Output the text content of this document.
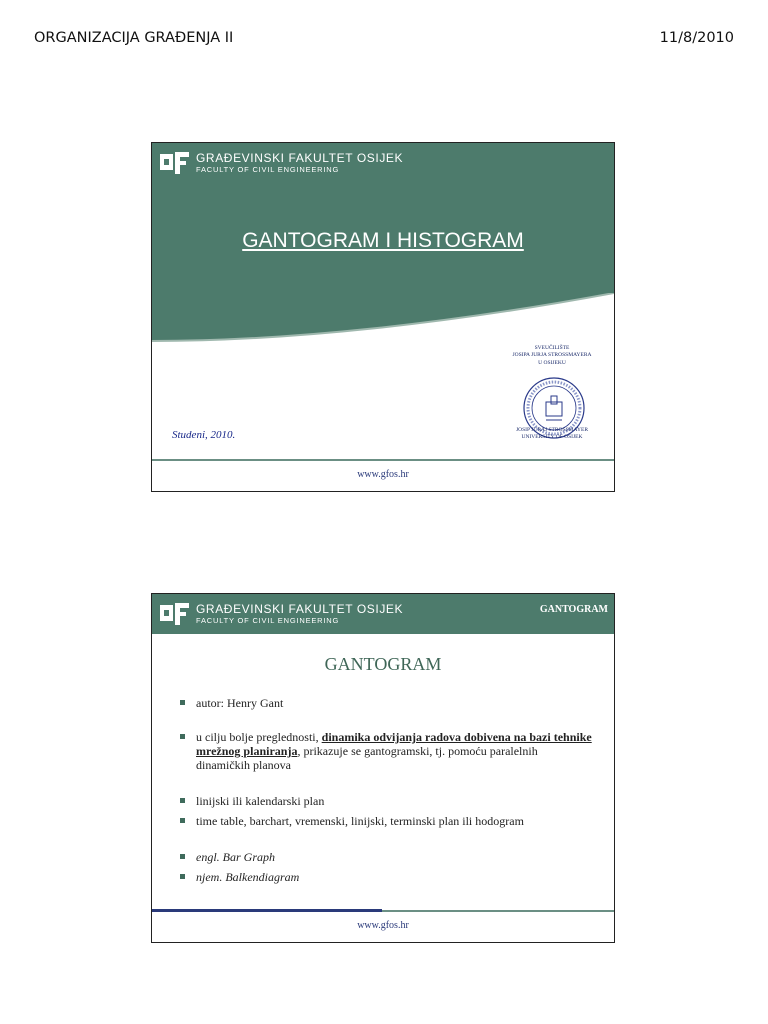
ORGANIZACIJA GRAĐENJA II	11/8/2010
GRAĐEVINSKI FAKULTET OSIJEK
FACULTY OF CIVIL ENGINEERING
GANTOGRAM I HISTOGRAM
SVEUČILIŠTE
JOSIPA JURJA STROSSMAYERA
U OSIJEKU
JOSIP JURAJ STROSSMAYER
UNIVERSITY OF OSIJEK
Studeni, 2010.
www.gfos.hr
GRAĐEVINSKI FAKULTET OSIJEK
FACULTY OF CIVIL ENGINEERING
GANTOGRAM
GANTOGRAM
autor: Henry Gant
u cilju bolje preglednosti, dinamika odvijanja radova dobivena na bazi tehnike mrežnog planiranja, prikazuje se gantogramski, tj. pomoću paralelnih dinamičkih planova
linijski ili kalendarski plan
time table, barchart, vremenski, linijski, terminski plan ili hodogram
engl. Bar Graph
njem. Balkendiagram
www.gfos.hr
